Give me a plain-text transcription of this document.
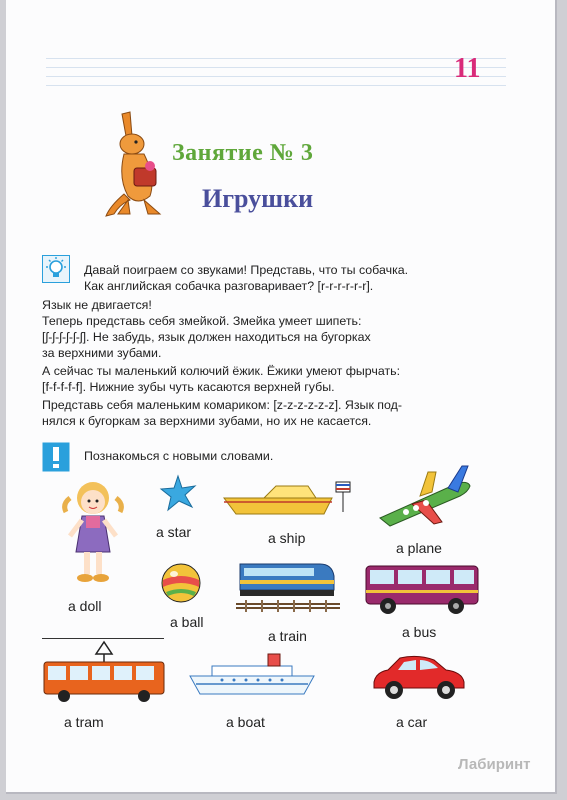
11
Занятие № 3
Игрушки
Давай поиграем со звуками! Представь, что ты собачка.
Как английская собачка разговаривает? [r-r-r-r-r-r].
Язык не двигается!
Теперь представь себя змейкой. Змейка умеет шипеть:
[ʃ-ʃ-ʃ-ʃ-ʃ-ʃ]. Не забудь, язык должен находиться на бугорках
за верхними зубами.
А сейчас ты маленький колючий ёжик. Ёжики умеют фырчать:
[f-f-f-f-f]. Нижние зубы чуть касаются верхней губы.
Представь себя маленьким комариком: [z-z-z-z-z-z]. Язык под-
нялся к бугоркам за верхними зубами, но их не касается.
Познакомься с новыми словами.
a doll
a star	a ship
a plane
a ball
a train	a bus
a tram	a boat	a car
Лабиринт
